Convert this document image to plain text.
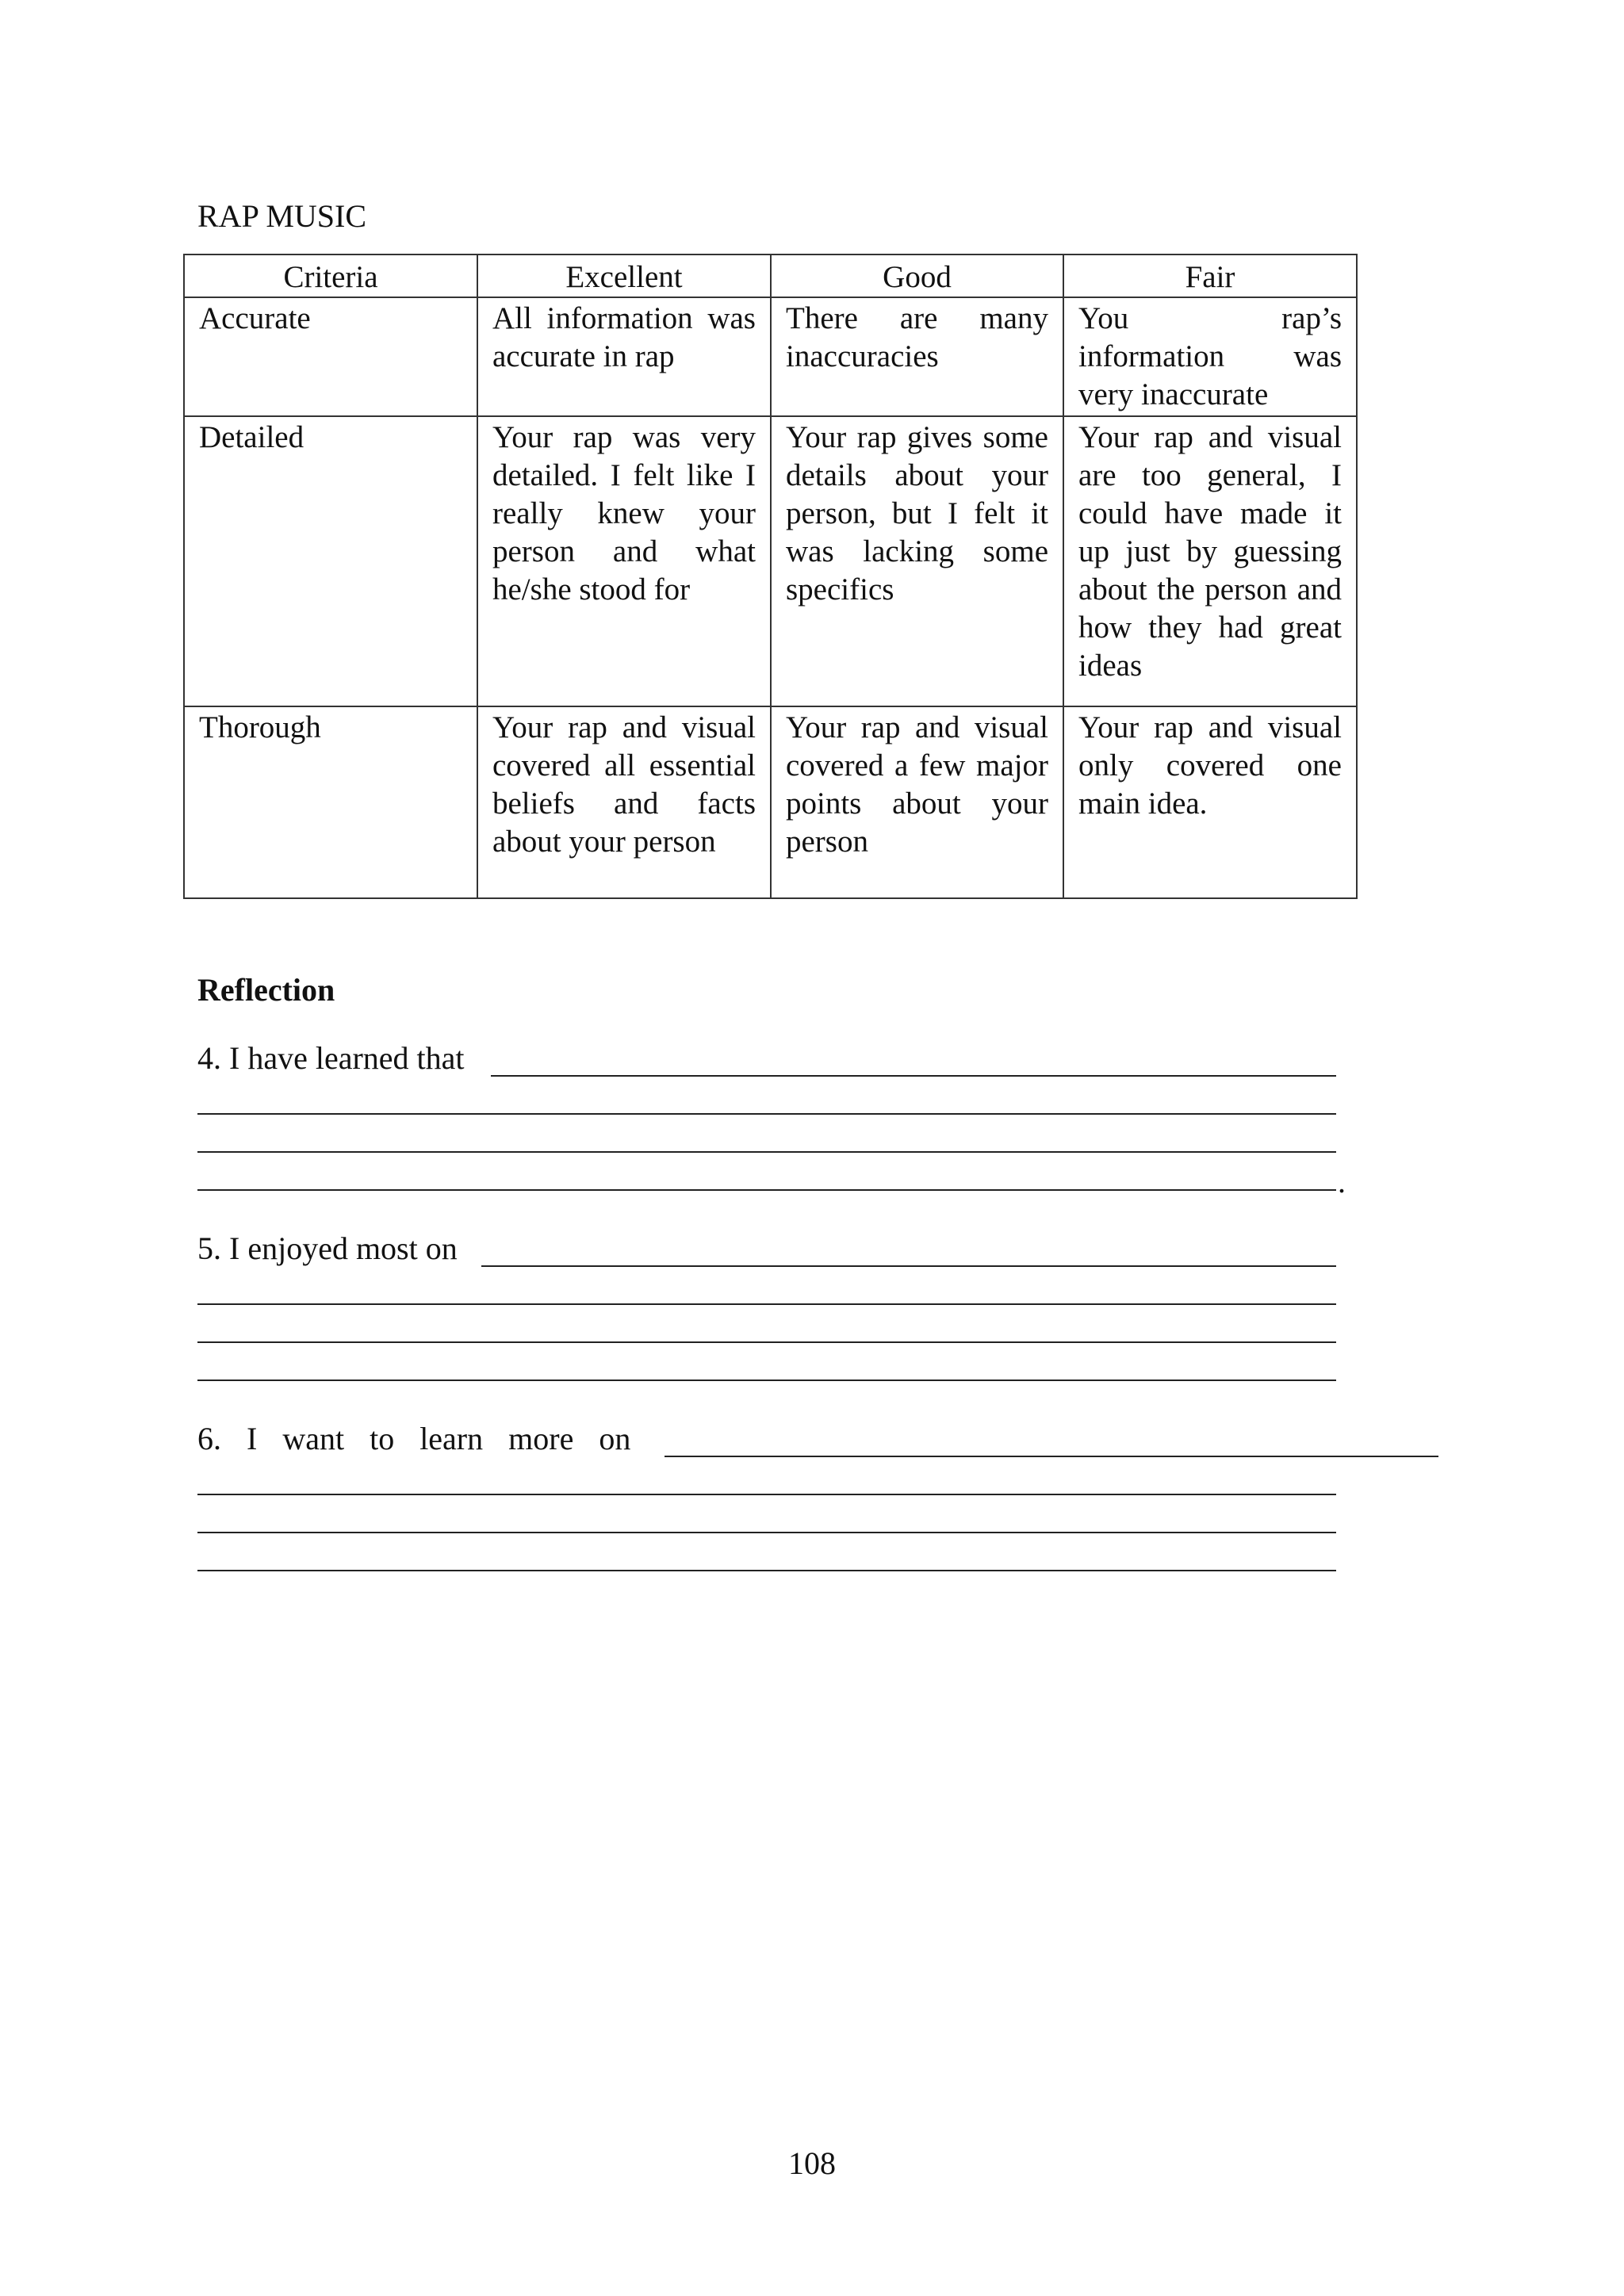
RAP MUSIC
Criteria	Excellent	Good	Fair
Accurate	All information was accurate in rap	There are many inaccuracies	You rap’s information was very inaccurate
Detailed	Your rap was very detailed. I felt like I really knew your person and what he/she stood for	Your rap gives some details about your person, but I felt it was lacking some specifics	Your rap and visual are too general, I could have made it up just by guessing about the person and how they had great ideas
Thorough	Your rap and visual covered all essential beliefs and facts about your person	Your rap and visual covered a few major points about your person	Your rap and visual only covered one main idea.
Reflection
4. I have learned that
.
5. I enjoyed most on
6. I want to learn more on
108
